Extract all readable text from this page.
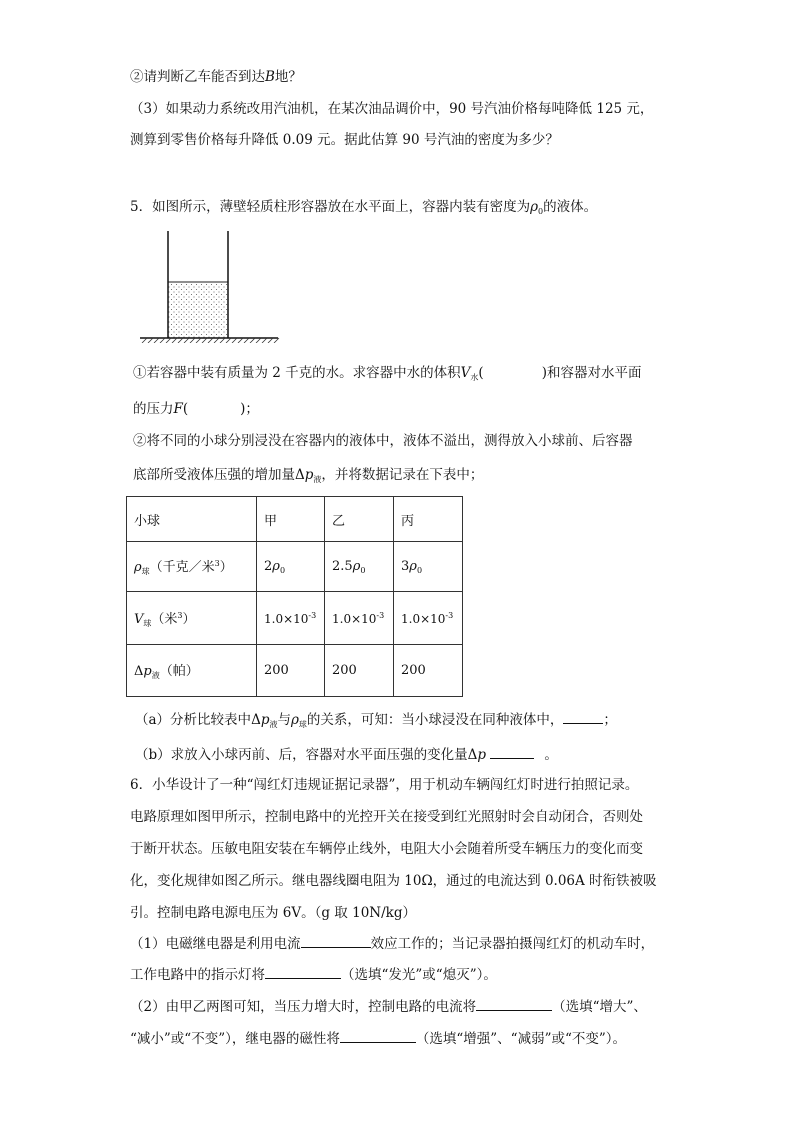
②请判断乙车能否到达B地？
（3）如果动力系统改用汽油机，在某次油品调价中，90 号汽油价格每吨降低 125 元，
测算到零售价格每升降低 0.09 元。据此估算 90 号汽油的密度为多少？
5．如图所示，薄壁轻质柱形容器放在水平面上，容器内装有密度为$\rho_0$的液体。
①若容器中装有质量为 2 千克的水。求容器中水的体积$V_水$(	)和容器对水平面
的压力F(	)；
②将不同的小球分别浸没在容器内的液体中，液体不溢出，测得放入小球前、后容器
底部所受液体压强的增加量$\Delta p_液$，并将数据记录在下表中；
小球	甲	乙	丙
$\rho_球$（千克／米$^3$）	$2\rho_0$	$2.5\rho_0$	$3\rho_0$
$V_球$（米$^3$）	$1.0\times 10^{-3}$	$1.0\times 10^{-3}$	$1.0\times 10^{-3}$
$\Delta p_液$（帕）	200	200	200
（a）分析比较表中$\Delta p_液$与$\rho_球$的关系，可知：当小球浸没在同种液体中，	；
（b）求放入小球丙前、后，容器对水平面压强的变化量Δp	。
6．小华设计了一种“闯红灯违规证据记录器”，用于机动车辆闯红灯时进行拍照记录。
电路原理如图甲所示，控制电路中的光控开关在接受到红光照射时会自动闭合，否则处
于断开状态。压敏电阻安装在车辆停止线外，电阻大小会随着所受车辆压力的变化而变
化，变化规律如图乙所示。继电器线圈电阻为 10Ω，通过的电流达到 0.06A 时衔铁被吸
引。控制电路电源电压为 6V。（g 取 10N/kg）
（1）电磁继电器是利用电流	效应工作的；当记录器拍摄闯红灯的机动车时，
工作电路中的指示灯将	（选填“发光”或“熄灭”）。
（2）由甲乙两图可知，当压力增大时，控制电路的电流将	（选填“增大”、
“减小”或“不变”），继电器的磁性将	（选填“增强”、“减弱”或“不变”）。
